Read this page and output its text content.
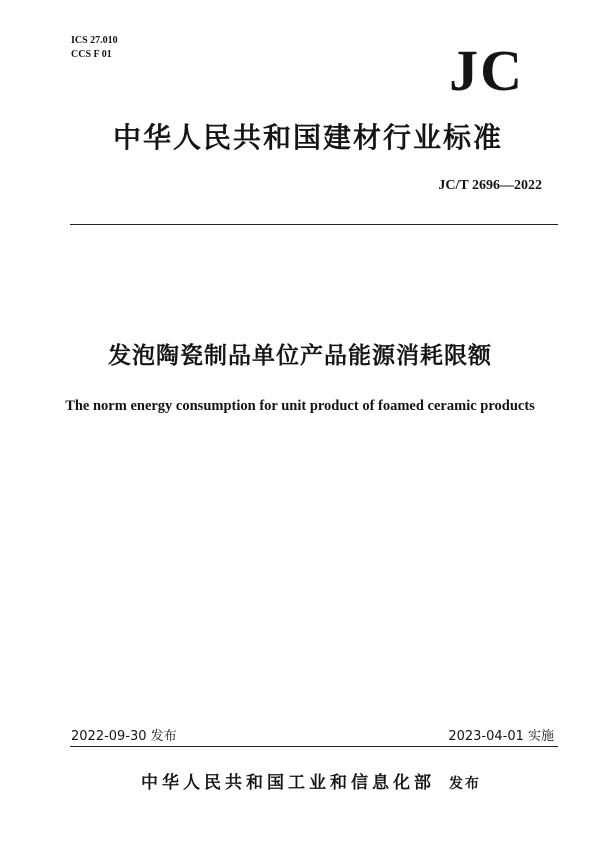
ICS 27.010
CCS F 01	JC
中华人民共和国建材行业标准
JC/T 2696—2022
发泡陶瓷制品单位产品能源消耗限额
The norm energy consumption for unit product of foamed ceramic products
2022-09-30 发布	2023-04-01 实施
中华人民共和国工业和信息化部 发布
